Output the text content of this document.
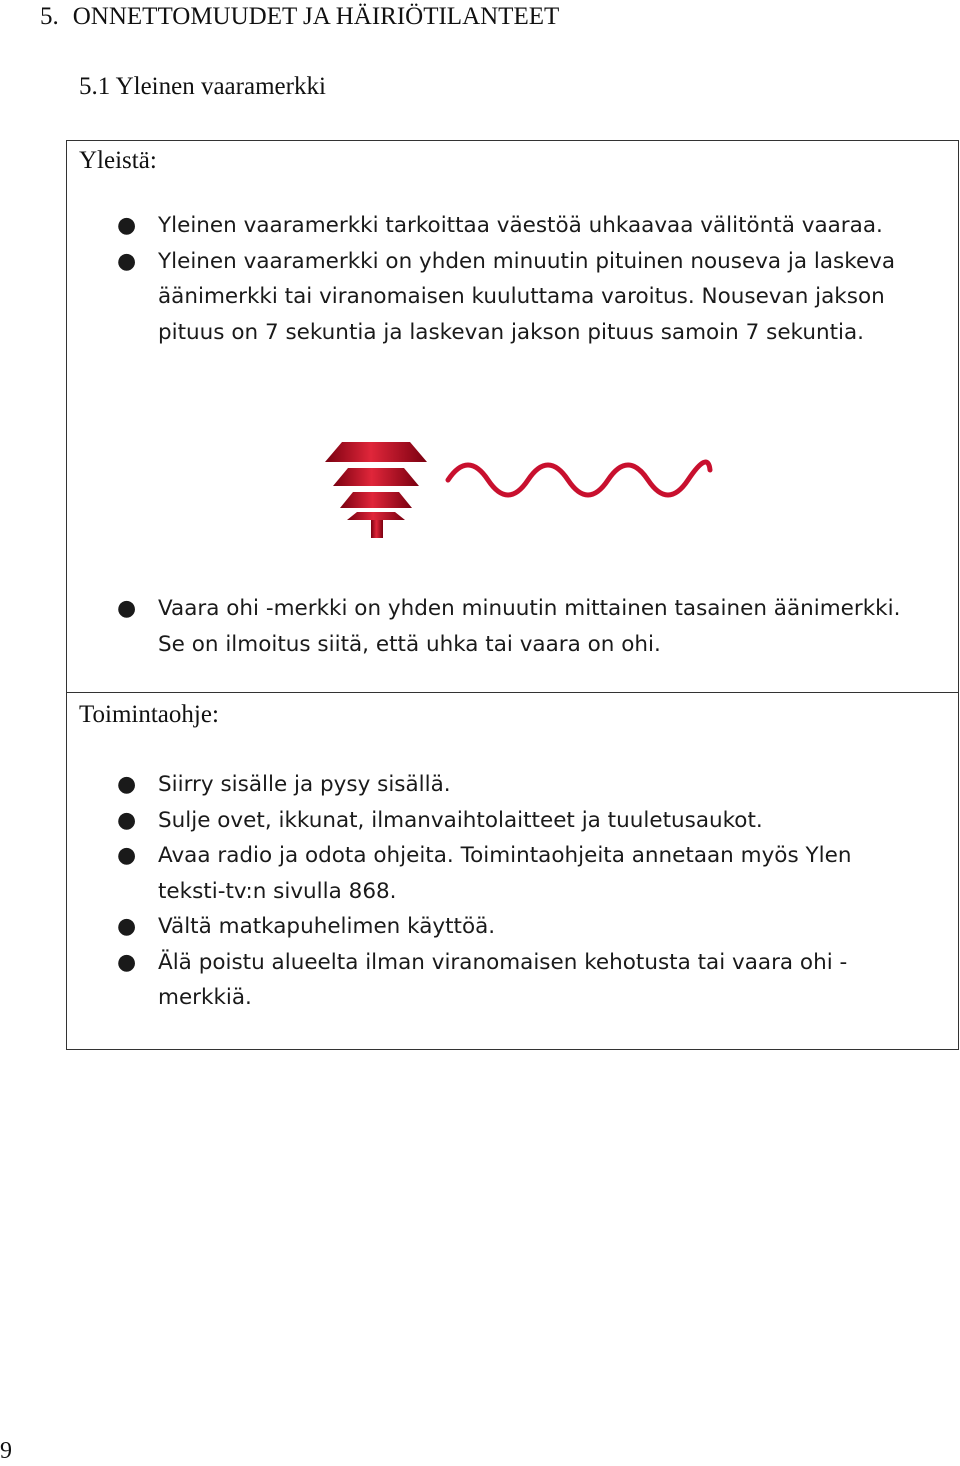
5. ONNETTOMUUDET JA HÄIRIÖTILANTEET
5.1 Yleinen vaaramerkki
Yleistä:
● Yleinen vaaramerkki tarkoittaa väestöä uhkaavaa välitöntä vaaraa.
● Yleinen vaaramerkki on yhden minuutin pituinen nouseva ja laskeva äänimerkki tai viranomaisen kuuluttama varoitus. Nousevan jakson pituus on 7 sekuntia ja laskevan jakson pituus samoin 7 sekuntia.
● Vaara ohi -merkki on yhden minuutin mittainen tasainen äänimerkki. Se on ilmoitus siitä, että uhka tai vaara on ohi.
Toimintaohje:
● Siirry sisälle ja pysy sisällä.
● Sulje ovet, ikkunat, ilmanvaihtolaitteet ja tuuletusaukot.
● Avaa radio ja odota ohjeita. Toimintaohjeita annetaan myös Ylen teksti-tv:n sivulla 868.
● Vältä matkapuhelimen käyttöä.
● Älä poistu alueelta ilman viranomaisen kehotusta tai vaara ohi -merkkiä.
9
